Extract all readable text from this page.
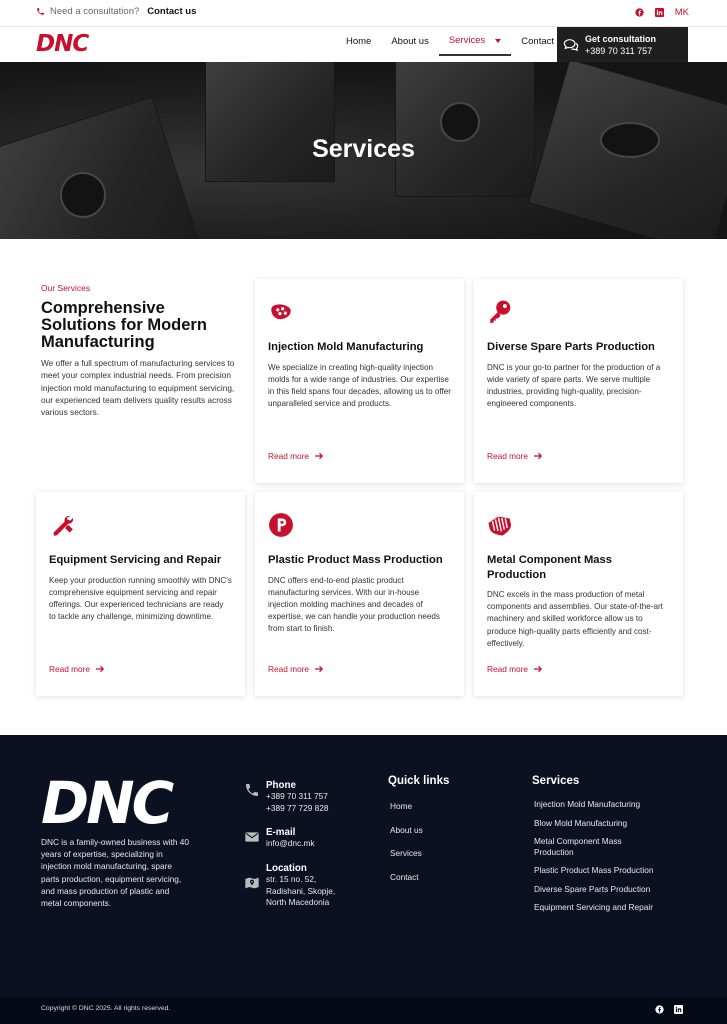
Need a consultation? Contact us	MK
DNC	Home	About us	Services	Contact	Get consultation
+389 70 311 757
Services
Our Services
Comprehensive Solutions for Modern Manufacturing
We offer a full spectrum of manufacturing services to meet your complex industrial needs. From precision injection mold manufacturing to equipment servicing, our experienced team delivers quality results across various sectors.
Injection Mold Manufacturing

We specialize in creating high-quality injection molds for a wide range of industries. Our expertise in this field spans four decades, allowing us to offer unparalleled service and products.

Read more
Diverse Spare Parts Production

DNC is your go-to partner for the production of a wide variety of spare parts. We serve multiple industries, providing high-quality, precision-engineered components.

Read more
Equipment Servicing and Repair

Keep your production running smoothly with DNC's comprehensive equipment servicing and repair offerings. Our experienced technicians are ready to tackle any challenge, minimizing downtime.

Read more
Plastic Product Mass Production

DNC offers end-to-end plastic product manufacturing services. With our in-house injection molding machines and decades of expertise, we can handle your production needs from start to finish.

Read more
Metal Component Mass Production

DNC excels in the mass production of metal components and assemblies. Our state-of-the-art machinery and skilled workforce allow us to produce high-quality parts efficiently and cost-effectively.

Read more
DNC
DNC is a family-owned business with 40 years of expertise, specializing in injection mold manufacturing, spare parts production, equipment servicing, and mass production of plastic and metal components.
Phone
+389 70 311 757
+389 77 729 828
E-mail
info@dnc.mk
Location
str. 15 no. 52,
Radishani, Skopje,
North Macedonia
Quick links
Home
About us
Services
Contact
Services
Injection Mold Manufacturing
Blow Mold Manufacturing
Metal Component Mass Production
Plastic Product Mass Production
Diverse Spare Parts Production
Equipment Servicing and Repair
Copyright © DNC 2025. All rights reserved.
